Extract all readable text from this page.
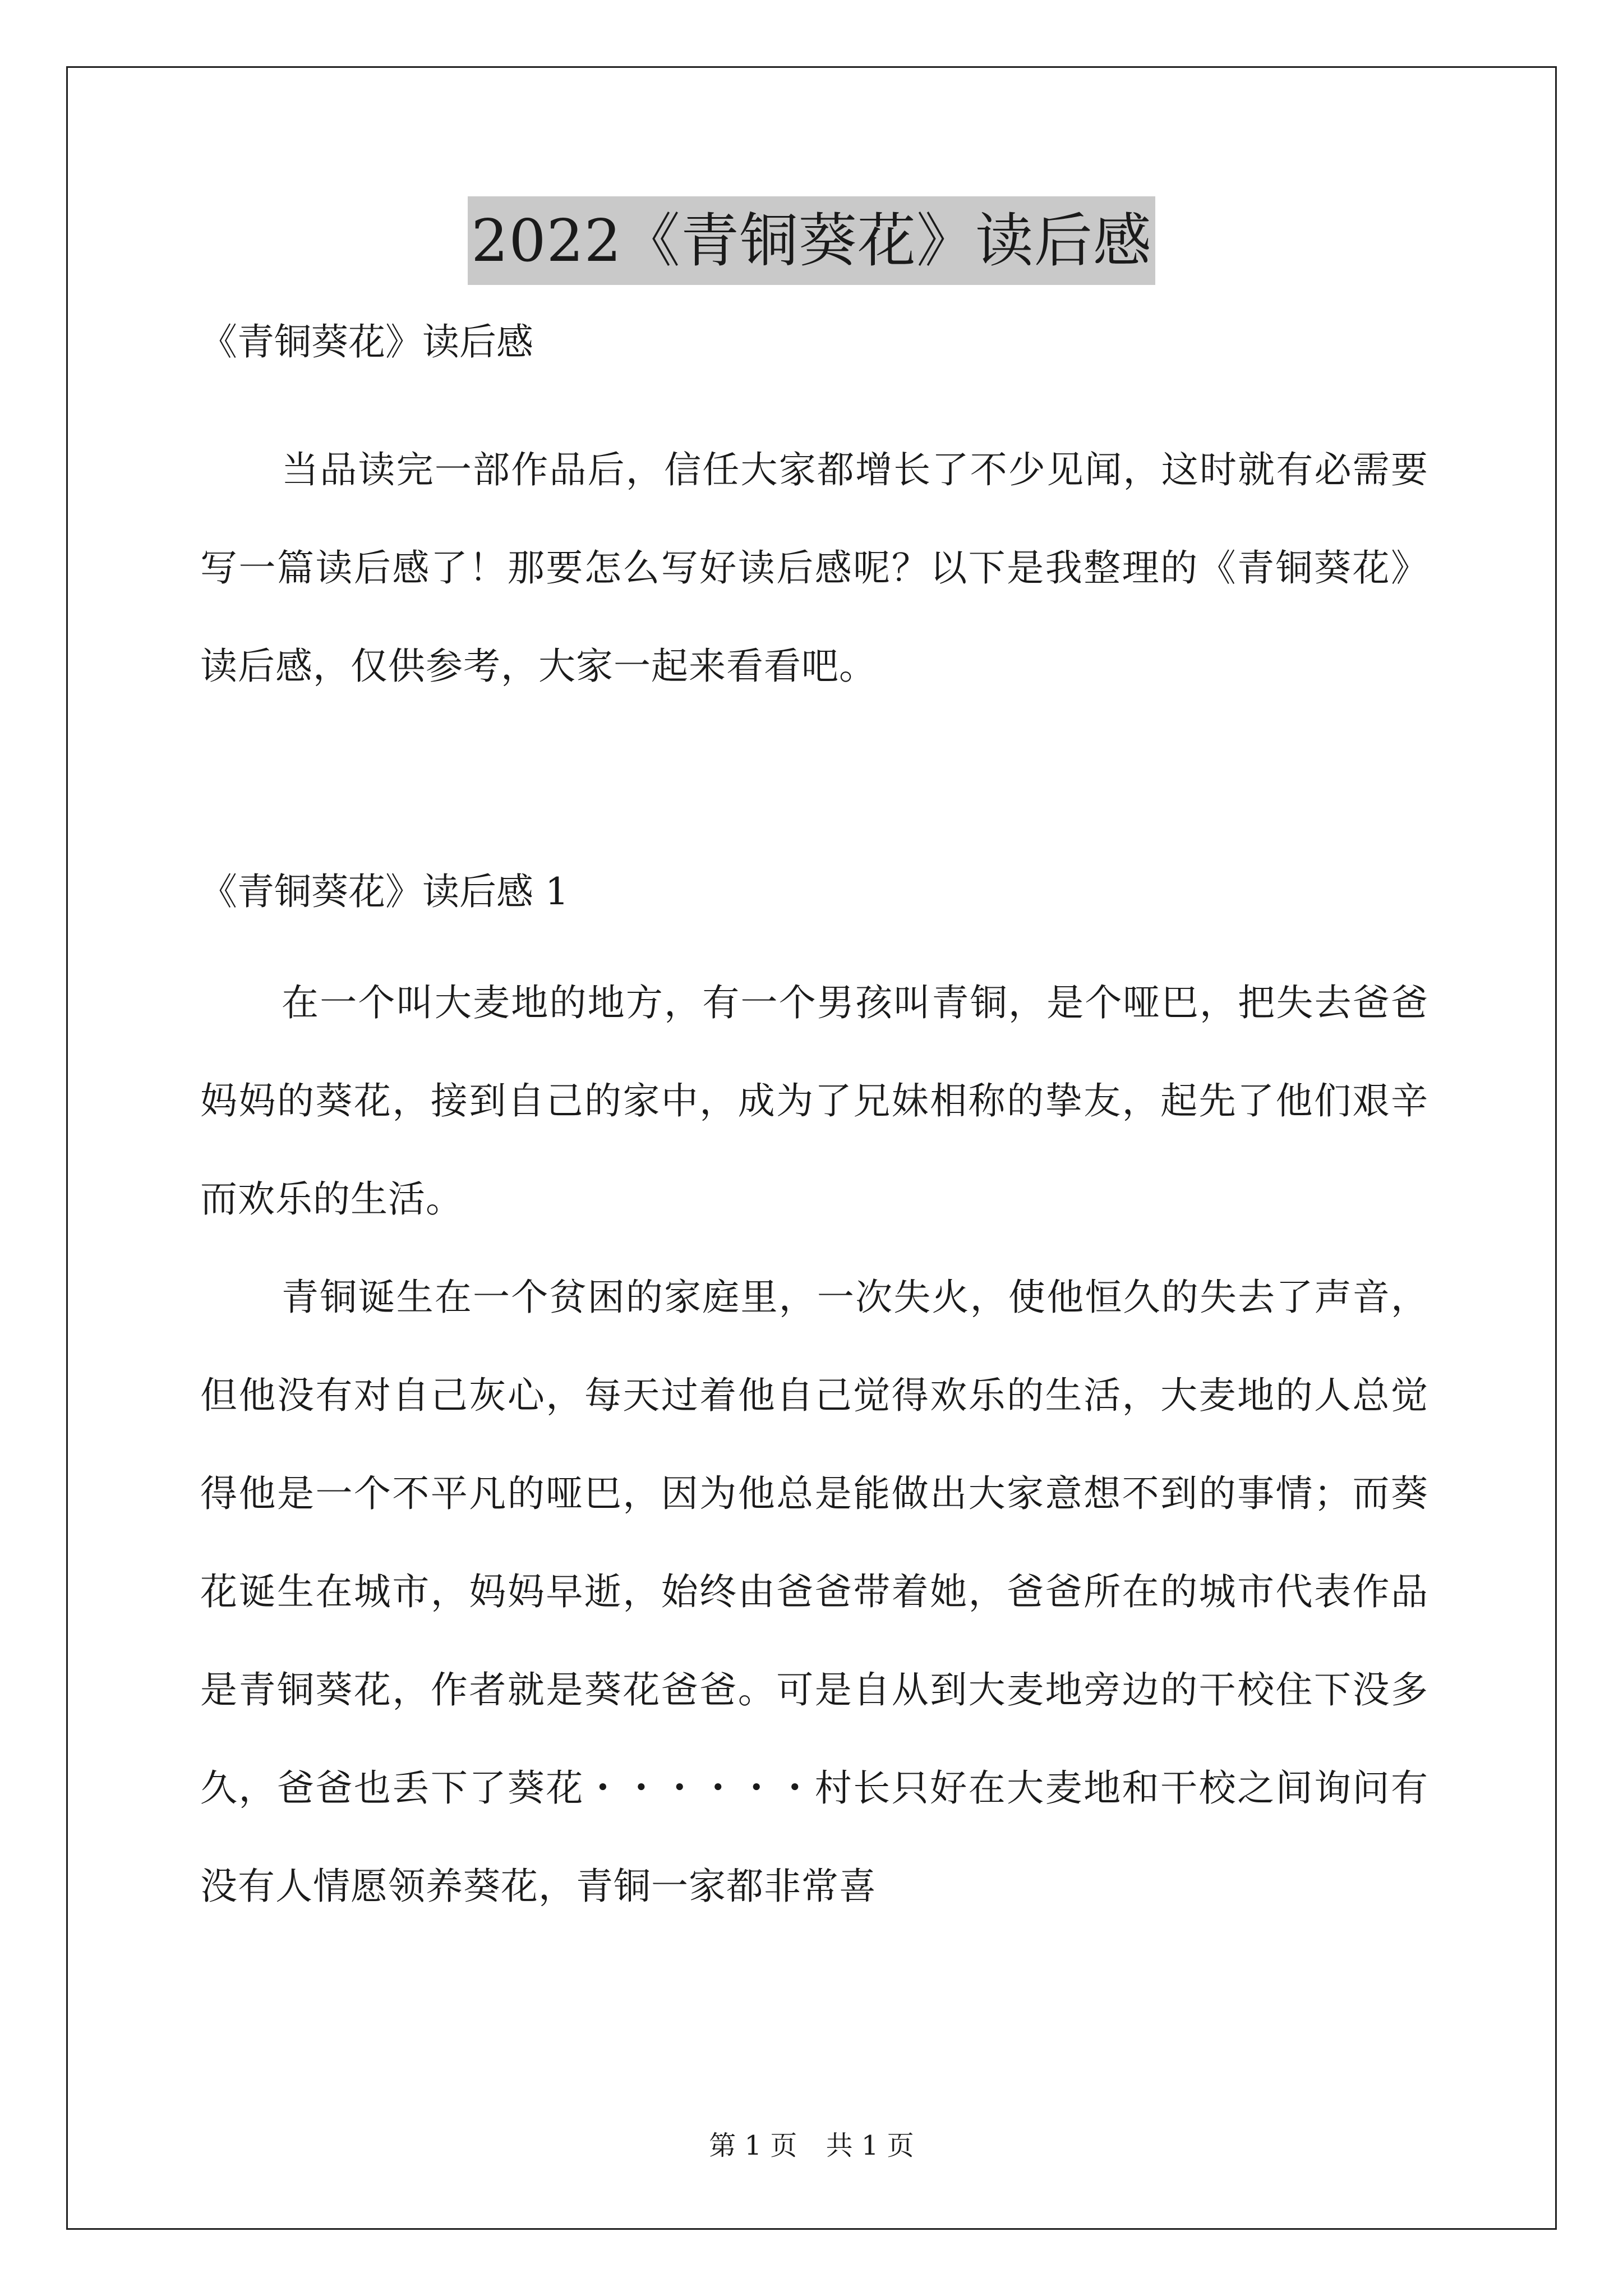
2022《青铜葵花》读后感

《青铜葵花》读后感

当品读完一部作品后，信任大家都增长了不少见闻，这时就有必需要写一篇读后感了！那要怎么写好读后感呢？以下是我整理的《青铜葵花》读后感，仅供参考，大家一起来看看吧。

《青铜葵花》读后感 1

在一个叫大麦地的地方，有一个男孩叫青铜，是个哑巴，把失去爸爸妈妈的葵花，接到自己的家中，成为了兄妹相称的挚友，起先了他们艰辛而欢乐的生活。

青铜诞生在一个贫困的家庭里，一次失火，使他恒久的失去了声音，但他没有对自己灰心，每天过着他自己觉得欢乐的生活，大麦地的人总觉得他是一个不平凡的哑巴，因为他总是能做出大家意想不到的事情；而葵花诞生在城市，妈妈早逝，始终由爸爸带着她，爸爸所在的城市代表作品是青铜葵花，作者就是葵花爸爸。可是自从到大麦地旁边的干校住下没多久，爸爸也丢下了葵花・・・・・・村长只好在大麦地和干校之间询问有没有人情愿领养葵花，青铜一家都非常喜

第 1 页 共 1 页
